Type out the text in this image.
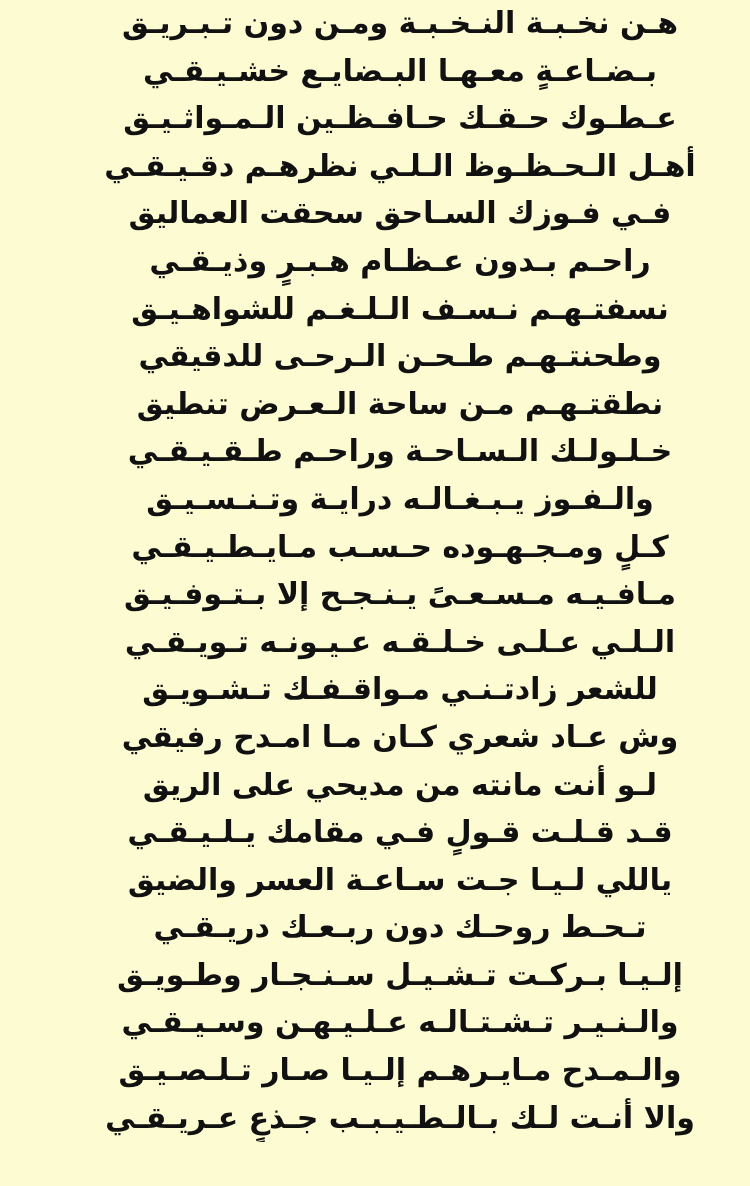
هـن نخـبـة النـخـبـة ومـن دون تـبـريـق
بـضـاعـةٍ معـهـا البـضايـع خشـيـقـي
عـطـوك حـقـك حـافـظـين الـمـواثـيـق
أهـل الـحـظـوظ الـلـي نظرهـم دقـيـقـي
فـي فـوزك السـاحق سحقت العماليق
راحـم بـدون عـظـام هـبـرٍ وذيـقـي
نسفتـهـم نـسـف الـلـغـم للشواهـيـق
وطحنتـهـم طـحـن الـرحـى للدقيقي
نطقتـهـم مـن ساحة الـعـرض تنطيق
خـلـولـك الـسـاحـة وراحـم طـقـيـقـي
والـفـوز يـبـغـالـه درايـة وتـنـسـيـق
كـلٍ ومـجـهـوده حـسـب مـايـطـيـقـي
مـافـيـه مـسـعـىً يـنـجـح إلا بـتـوفـيـق
الـلـي عـلـى خـلـقـه عـيـونـه تـويـقـي
للشعر زادتـنـي مـواقـفـك تـشـويـق
وش عـاد شعري كـان مـا امـدح رفيقي
لـو أنت مانته من مديحي على الريق
قـد قـلـت قـولٍ فـي مقامك يـلـيـقـي
ياللي لـيـا جـت سـاعـة العسر والضيق
تـحـط روحـك دون ربـعـك دريـقـي
إلـيـا بـركـت تـشـيـل سـنـجـار وطـويـق
والـنـيـر تـشـتـالـه عـلـيـهـن وسـيـقـي
والـمـدح مـايـرهـم إلـيـا صـار تـلـصـيـق
والا أنـت لـك بـالـطـيـبـب جـذعٍ عـريـقـي
